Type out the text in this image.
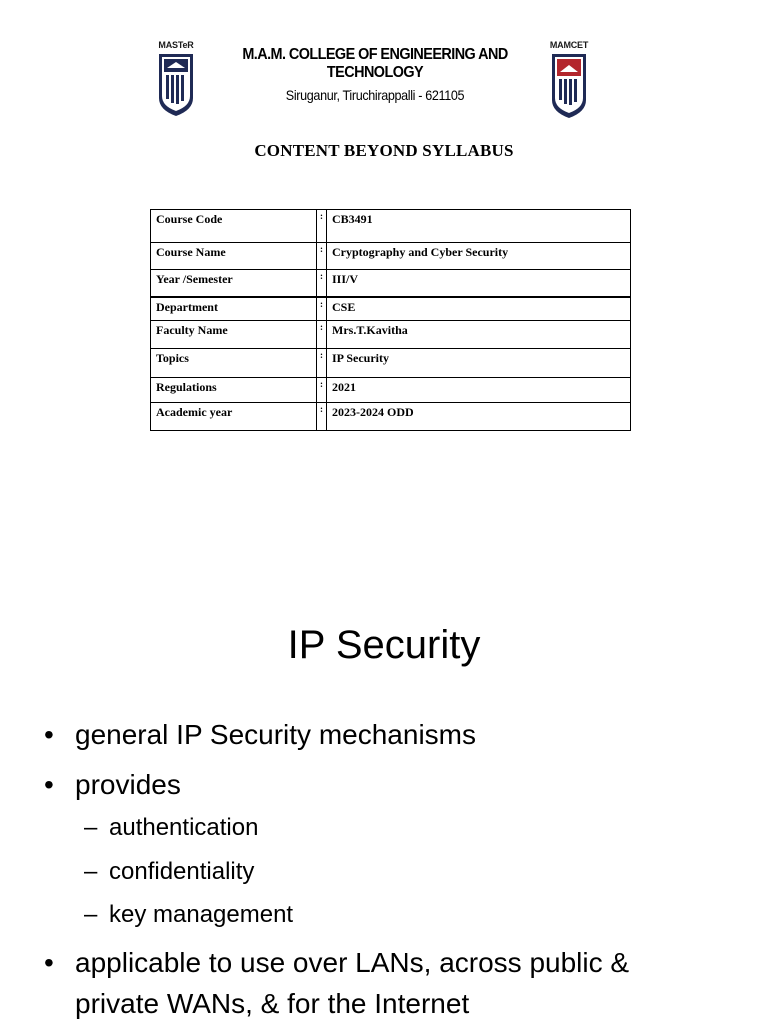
MASTeR
M.A.M. COLLEGE OF ENGINEERING AND TECHNOLOGY
Siruganur, Tiruchirappalli - 621105
MAMCET
CONTENT BEYOND SYLLABUS
Course Code	:	CB3491
Course Name	:	Cryptography and Cyber Security
Year /Semester	:	III/V
Department	:	CSE
Faculty Name	:	Mrs.T.Kavitha
Topics	:	IP Security
Regulations	:	2021
Academic year	:	2023-2024 ODD
IP Security
• general IP Security mechanisms
• provides
– authentication
– confidentiality
– key management
• applicable to use over LANs, across public &
private WANs, & for the Internet
